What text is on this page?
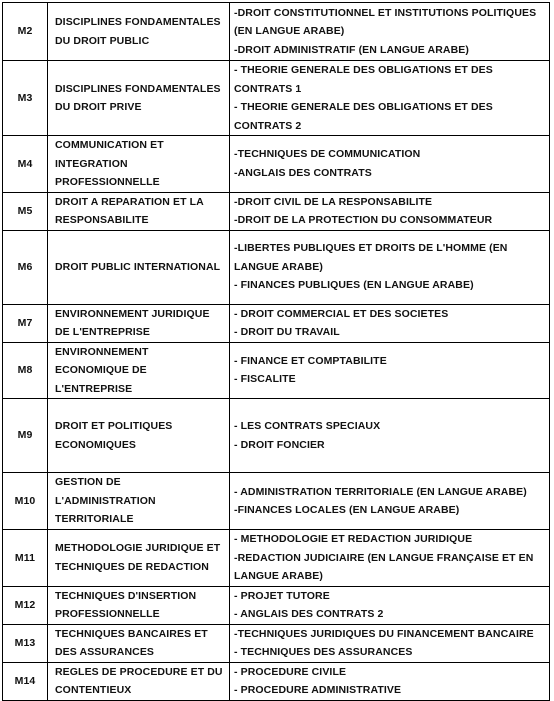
M2	DISCIPLINES FONDAMENTALES
DU DROIT PUBLIC	-DROIT CONSTITUTIONNEL ET INSTITUTIONS POLITIQUES (EN LANGUE ARABE)
-DROIT ADMINISTRATIF (EN LANGUE ARABE)

M3	DISCIPLINES FONDAMENTALES
DU DROIT PRIVE	- THEORIE GENERALE DES OBLIGATIONS ET DES CONTRATS 1
- THEORIE GENERALE DES OBLIGATIONS ET DES CONTRATS 2

M4	COMMUNICATION ET
INTEGRATION
PROFESSIONNELLE	-TECHNIQUES DE COMMUNICATION
-ANGLAIS DES CONTRATS

M5	DROIT A REPARATION ET LA
RESPONSABILITE	-DROIT CIVIL DE LA RESPONSABILITE
-DROIT DE LA PROTECTION DU CONSOMMATEUR

M6	DROIT PUBLIC INTERNATIONAL	-LIBERTES PUBLIQUES ET DROITS DE L'HOMME (EN LANGUE ARABE)
- FINANCES PUBLIQUES (EN LANGUE ARABE)

M7	ENVIRONNEMENT JURIDIQUE
DE L'ENTREPRISE	- DROIT COMMERCIAL ET DES SOCIETES
- DROIT DU TRAVAIL

M8	ENVIRONNEMENT
ECONOMIQUE DE
L'ENTREPRISE	- FINANCE ET COMPTABILITE
- FISCALITE

M9	DROIT ET POLITIQUES
ECONOMIQUES	- LES CONTRATS SPECIAUX
- DROIT FONCIER

M10	GESTION DE
L'ADMINISTRATION
TERRITORIALE	- ADMINISTRATION TERRITORIALE (EN LANGUE ARABE)
-FINANCES LOCALES (EN LANGUE ARABE)

M11	METHODOLOGIE JURIDIQUE ET
TECHNIQUES DE REDACTION	- METHODOLOGIE ET REDACTION JURIDIQUE
-REDACTION JUDICIAIRE (EN LANGUE FRANÇAISE ET EN LANGUE ARABE)

M12	TECHNIQUES D'INSERTION
PROFESSIONNELLE	- PROJET TUTORE
- ANGLAIS DES CONTRATS 2

M13	TECHNIQUES BANCAIRES ET
DES ASSURANCES	-TECHNIQUES JURIDIQUES DU FINANCEMENT BANCAIRE
- TECHNIQUES DES ASSURANCES

M14	REGLES DE PROCEDURE ET DU
CONTENTIEUX	- PROCEDURE CIVILE
- PROCEDURE ADMINISTRATIVE
